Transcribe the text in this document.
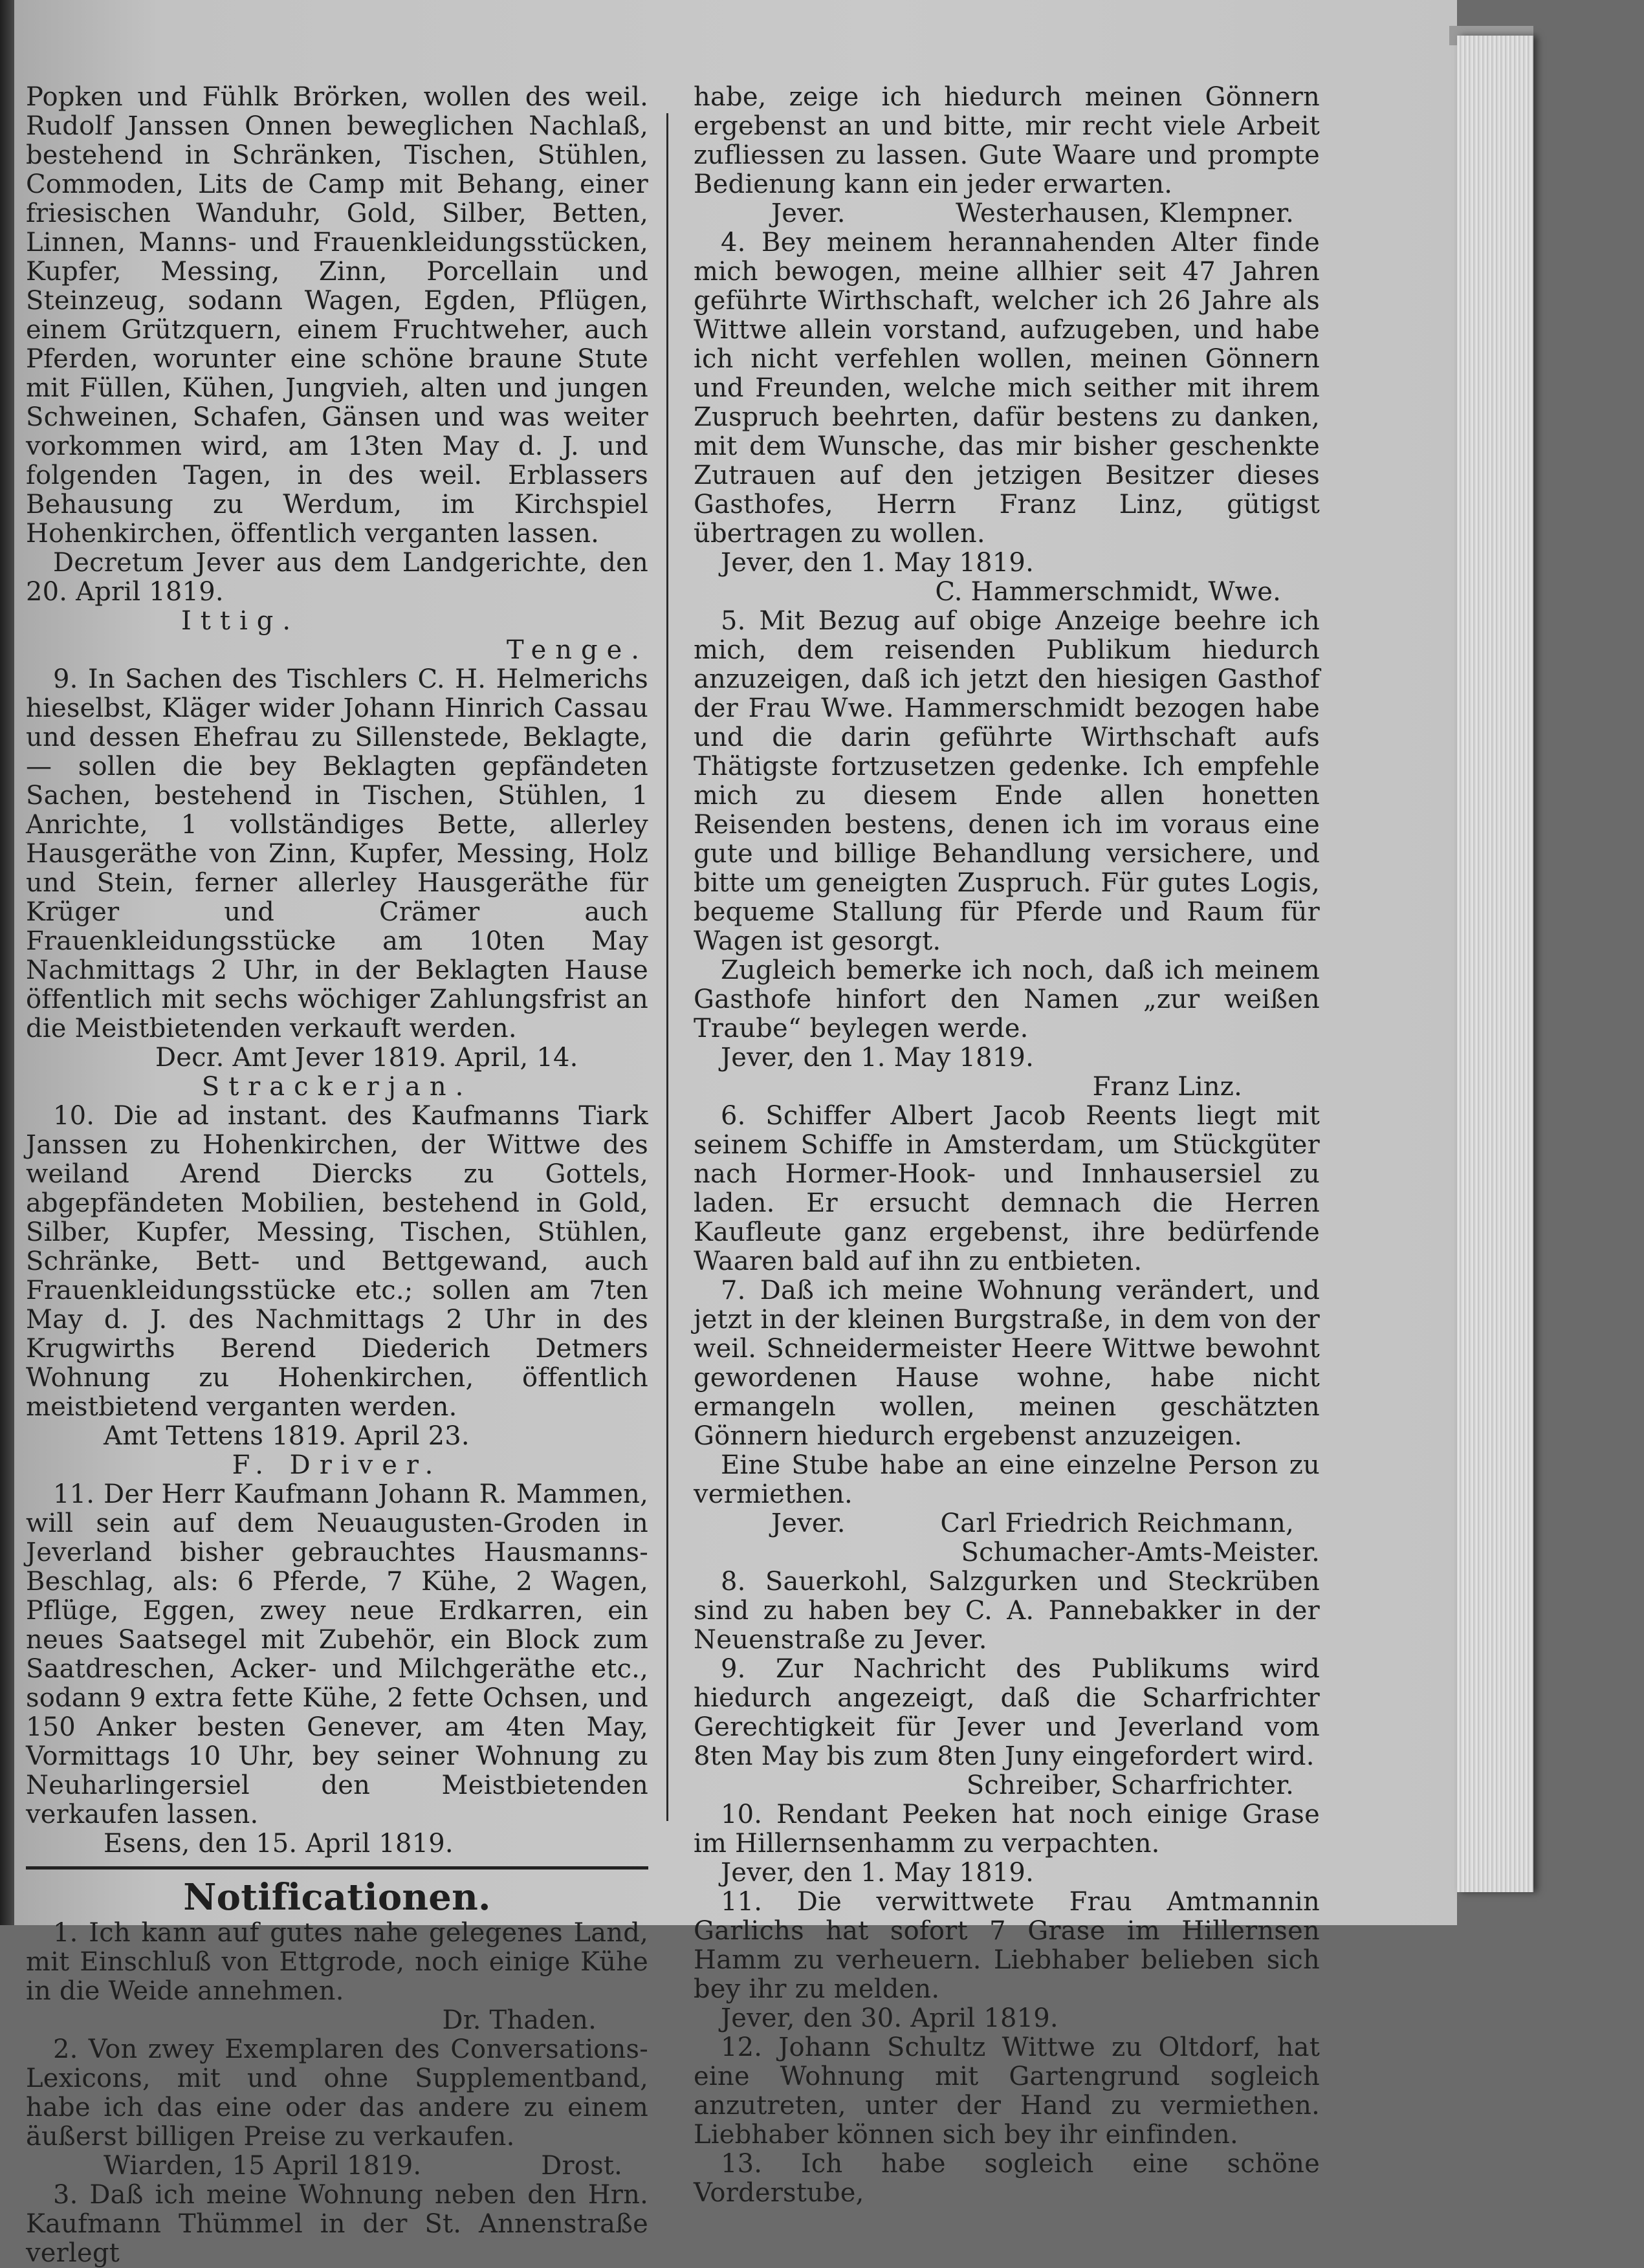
Popken und Fühlk Brörken, wollen des weil. Rudolf Janssen Onnen beweglichen Nachlaß, bestehend in Schränken, Tischen, Stühlen, Commoden, Lits de Camp mit Behang, einer friesischen Wanduhr, Gold, Silber, Betten, Linnen, Manns- und Frauenkleidungsstücken, Kupfer, Messing, Zinn, Porcellain und Steinzeug, sodann Wagen, Egden, Pflügen, einem Grützquern, einem Fruchtweher, auch Pferden, worunter eine schöne braune Stute mit Füllen, Kühen, Jungvieh, alten und jungen Schweinen, Schafen, Gänsen und was weiter vorkommen wird, am 13ten May d. J. und folgenden Tagen, in des weil. Erblassers Behausung zu Werdum, im Kirchspiel Hohenkirchen, öffentlich verganten lassen.

Decretum Jever aus dem Landgerichte, den 20. April 1819.

Ittig.

Tenge.

9. In Sachen des Tischlers C. H. Helmerichs hieselbst, Kläger wider Johann Hinrich Cassau und dessen Ehefrau zu Sillenstede, Beklagte, — sollen die bey Beklagten gepfändeten Sachen, bestehend in Tischen, Stühlen, 1 Anrichte, 1 vollständiges Bette, allerley Hausgeräthe von Zinn, Kupfer, Messing, Holz und Stein, ferner allerley Hausgeräthe für Krüger und Crämer auch Frauenkleidungsstücke am 10ten May Nachmittags 2 Uhr, in der Beklagten Hause öffentlich mit sechs wöchiger Zahlungsfrist an die Meistbietenden verkauft werden.

Decr. Amt Jever 1819. April, 14.

Strackerjan.

10. Die ad instant. des Kaufmanns Tiark Janssen zu Hohenkirchen, der Wittwe des weiland Arend Diercks zu Gottels, abgepfändeten Mobilien, bestehend in Gold, Silber, Kupfer, Messing, Tischen, Stühlen, Schränke, Bett- und Bettgewand, auch Frauenkleidungsstücke etc.; sollen am 7ten May d. J. des Nachmittags 2 Uhr in des Krugwirths Berend Diederich Detmers Wohnung zu Hohenkirchen, öffentlich meistbietend verganten werden.

Amt Tettens 1819. April 23.

F. Driver.

11. Der Herr Kaufmann Johann R. Mammen, will sein auf dem Neuaugusten-Groden in Jeverland bisher gebrauchtes Hausmanns-Beschlag, als: 6 Pferde, 7 Kühe, 2 Wagen, Pflüge, Eggen, zwey neue Erdkarren, ein neues Saatsegel mit Zubehör, ein Block zum Saatdreschen, Acker- und Milchgeräthe etc., sodann 9 extra fette Kühe, 2 fette Ochsen, und 150 Anker besten Genever, am 4ten May, Vormittags 10 Uhr, bey seiner Wohnung zu Neuharlingersiel den Meistbietenden verkaufen lassen.

Esens, den 15. April 1819.

Notificationen.

1. Ich kann auf gutes nahe gelegenes Land, mit Einschluß von Ettgrode, noch einige Kühe in die Weide annehmen.

Dr. Thaden.

2. Von zwey Exemplaren des Conversations-Lexicons, mit und ohne Supplementband, habe ich das eine oder das andere zu einem äußerst billigen Preise zu verkaufen.

Wiarden, 15 April 1819.	Drost.

3. Daß ich meine Wohnung neben den Hrn. Kaufmann Thümmel in der St. Annenstraße verlegt

habe, zeige ich hiedurch meinen Gönnern ergebenst an und bitte, mir recht viele Arbeit zufliessen zu lassen. Gute Waare und prompte Bedienung kann ein jeder erwarten.

Jever.	Westerhausen, Klempner.

4. Bey meinem herannahenden Alter finde mich bewogen, meine allhier seit 47 Jahren geführte Wirthschaft, welcher ich 26 Jahre als Wittwe allein vorstand, aufzugeben, und habe ich nicht verfehlen wollen, meinen Gönnern und Freunden, welche mich seither mit ihrem Zuspruch beehrten, dafür bestens zu danken, mit dem Wunsche, das mir bisher geschenkte Zutrauen auf den jetzigen Besitzer dieses Gasthofes, Herrn Franz Linz, gütigst übertragen zu wollen.

Jever, den 1. May 1819.

C. Hammerschmidt, Wwe.

5. Mit Bezug auf obige Anzeige beehre ich mich, dem reisenden Publikum hiedurch anzuzeigen, daß ich jetzt den hiesigen Gasthof der Frau Wwe. Hammerschmidt bezogen habe und die darin geführte Wirthschaft aufs Thätigste fortzusetzen gedenke. Ich empfehle mich zu diesem Ende allen honetten Reisenden bestens, denen ich im voraus eine gute und billige Behandlung versichere, und bitte um geneigten Zuspruch. Für gutes Logis, bequeme Stallung für Pferde und Raum für Wagen ist gesorgt.

Zugleich bemerke ich noch, daß ich meinem Gasthofe hinfort den Namen „zur weißen Traube“ beylegen werde.

Jever, den 1. May 1819.

Franz Linz.

6. Schiffer Albert Jacob Reents liegt mit seinem Schiffe in Amsterdam, um Stückgüter nach Hormer-Hook- und Innhausersiel zu laden. Er ersucht demnach die Herren Kaufleute ganz ergebenst, ihre bedürfende Waaren bald auf ihn zu entbieten.

7. Daß ich meine Wohnung verändert, und jetzt in der kleinen Burgstraße, in dem von der weil. Schneidermeister Heere Wittwe bewohnt gewordenen Hause wohne, habe nicht ermangeln wollen, meinen geschätzten Gönnern hiedurch ergebenst anzuzeigen.

Eine Stube habe an eine einzelne Person zu vermiethen.

Jever.	Carl Friedrich Reichmann,

Schumacher-Amts-Meister.

8. Sauerkohl, Salzgurken und Steckrüben sind zu haben bey C. A. Pannebakker in der Neuenstraße zu Jever.

9. Zur Nachricht des Publikums wird hiedurch angezeigt, daß die Scharfrichter Gerechtigkeit für Jever und Jeverland vom 8ten May bis zum 8ten Juny eingefordert wird.

Schreiber, Scharfrichter.

10. Rendant Peeken hat noch einige Grase im Hillernsenhamm zu verpachten.

Jever, den 1. May 1819.

11. Die verwittwete Frau Amtmannin Garlichs hat sofort 7 Grase im Hillernsen Hamm zu verheuern. Liebhaber belieben sich bey ihr zu melden.

Jever, den 30. April 1819.

12. Johann Schultz Wittwe zu Oltdorf, hat eine Wohnung mit Gartengrund sogleich anzutreten, unter der Hand zu vermiethen. Liebhaber können sich bey ihr einfinden.

13. Ich habe sogleich eine schöne Vorderstube,
